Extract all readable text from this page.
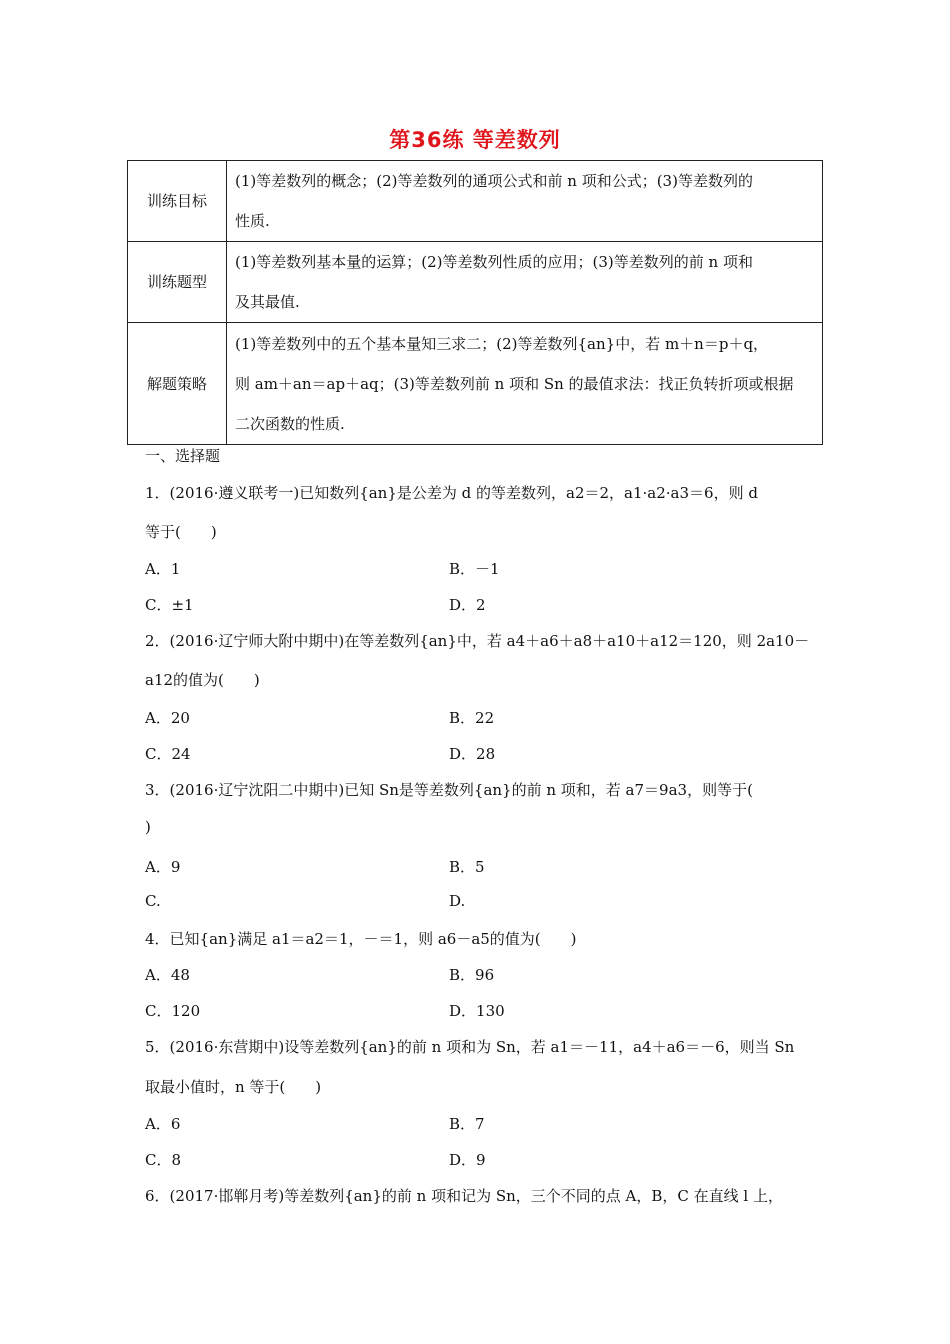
第36练 等差数列
训练目标	(1)等差数列的概念；(2)等差数列的通项公式和前 n 项和公式；(3)等差数列的
性质.

训练题型	(1)等差数列基本量的运算；(2)等差数列性质的应用；(3)等差数列的前 n 项和
及其最值.

解题策略	(1)等差数列中的五个基本量知三求二；(2)等差数列{an}中，若 m＋n＝p＋q，
则 am＋an＝ap＋aq；(3)等差数列前 n 项和 Sn 的最值求法：找正负转折项或根据
二次函数的性质.
一、选择题
1．(2016·遵义联考一)已知数列{an}是公差为 d 的等差数列，a2＝2，a1·a2·a3＝6，则 d
等于(　　)
A．1	B．－1
C．±1	D．2
2．(2016·辽宁师大附中期中)在等差数列{an}中，若 a4＋a6＋a8＋a10＋a12＝120，则 2a10－
a12的值为(　　)
A．20	B．22
C．24	D．28
3．(2016·辽宁沈阳二中期中)已知 Sn是等差数列{an}的前 n 项和，若 a7＝9a3，则等于(
)
A．9	B．5
C.	D.
4．已知{an}满足 a1＝a2＝1，－＝1，则 a6－a5的值为(　　)
A．48	B．96
C．120	D．130
5．(2016·东营期中)设等差数列{an}的前 n 项和为 Sn，若 a1＝－11，a4＋a6＝－6，则当 Sn
取最小值时，n 等于(　　)
A．6	B．7
C．8	D．9
6．(2017·邯郸月考)等差数列{an}的前 n 项和记为 Sn，三个不同的点 A，B，C 在直线 l 上，
